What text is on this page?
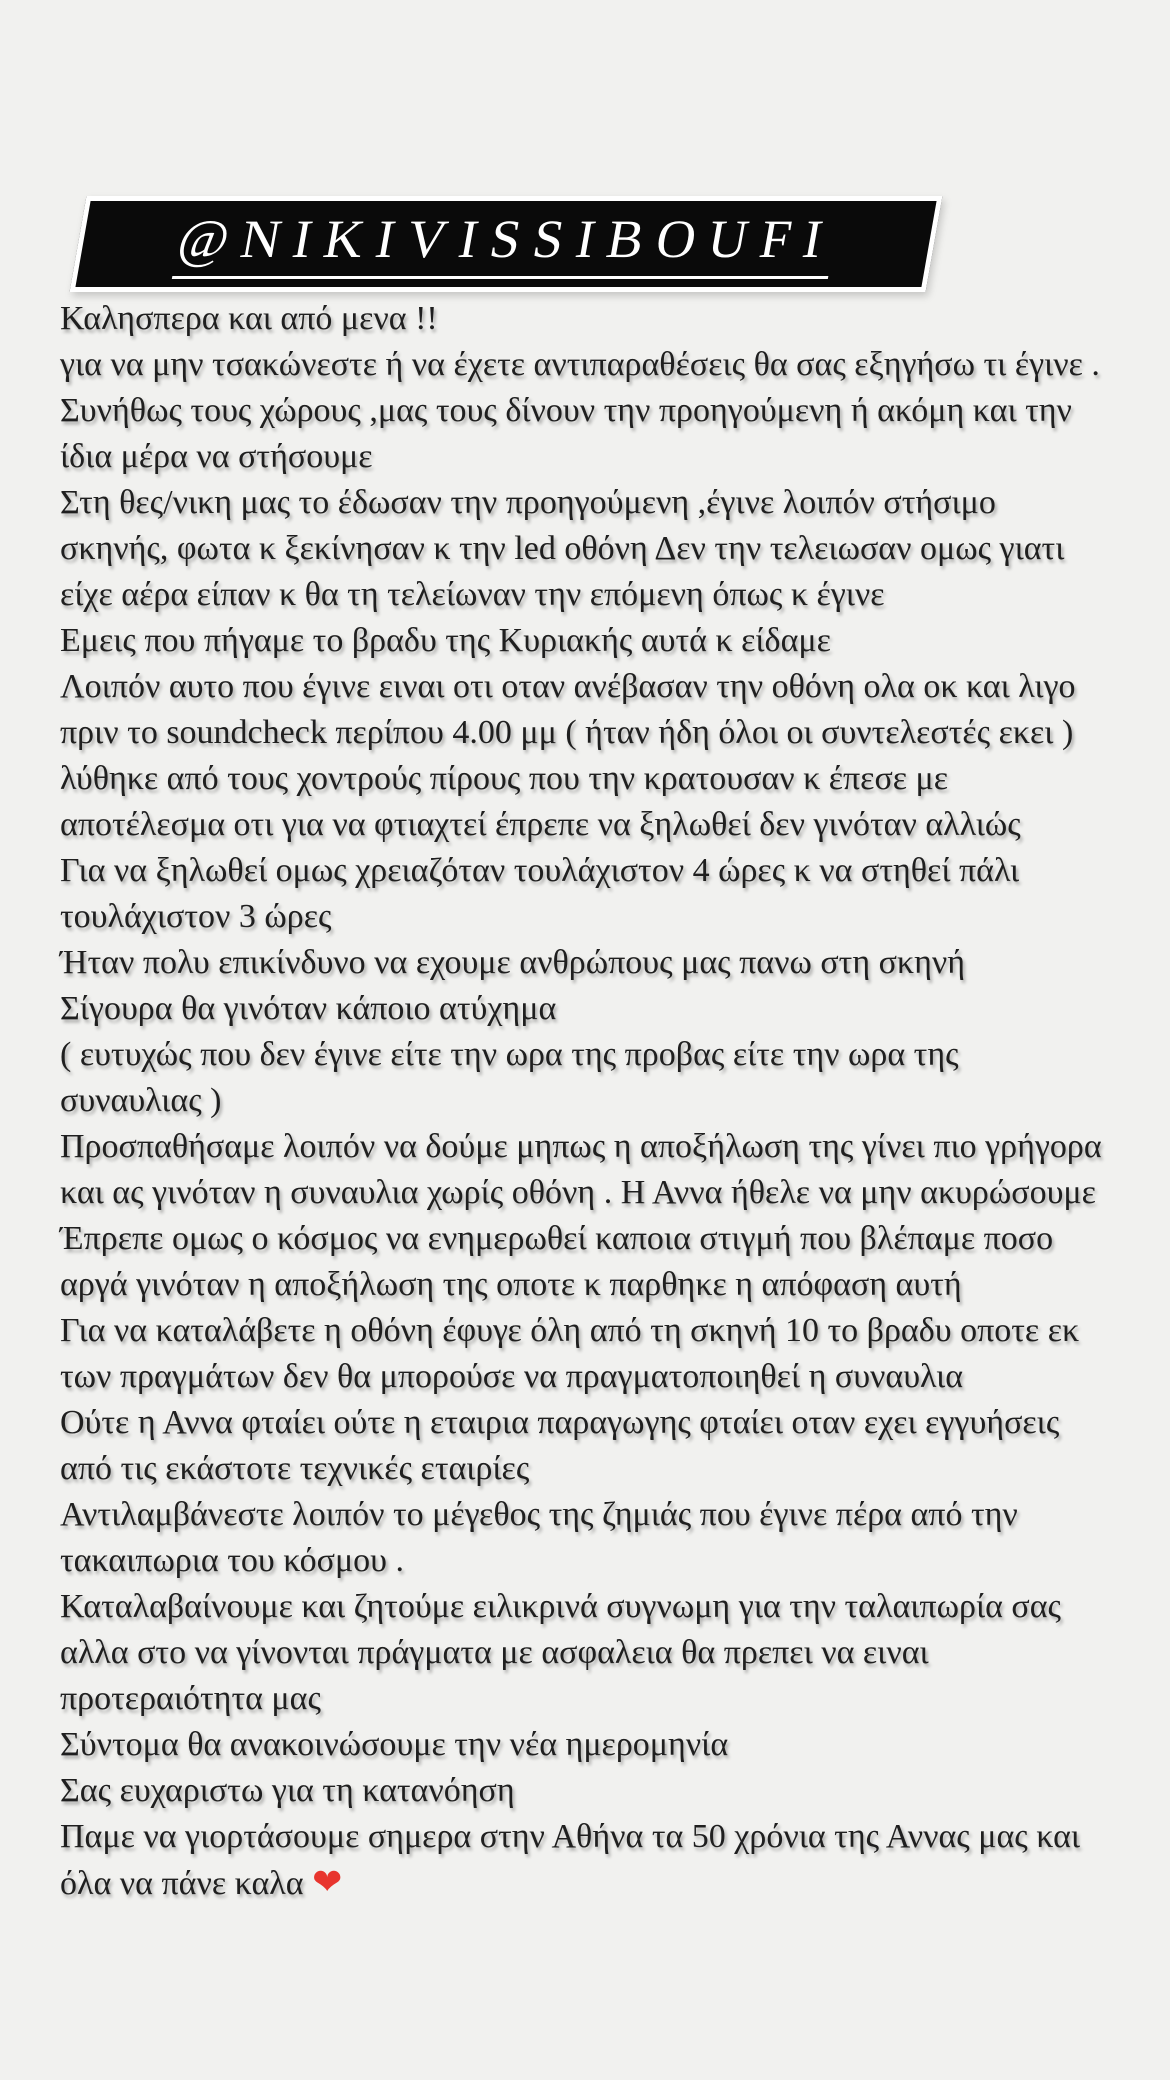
@NIKIVISSIBOUFI

Καλησπερα και από μενα !!

για να μην τσακώνεστε ή να έχετε αντιπαραθέσεις θα σας εξηγήσω τι έγινε .

Συνήθως τους χώρους ,μας τους δίνουν την προηγούμενη ή ακόμη και την ίδια μέρα να στήσουμε

Στη θες/νικη μας το έδωσαν την προηγούμενη ,έγινε λοιπόν στήσιμο σκηνής, φωτα κ ξεκίνησαν κ την led οθόνη Δεν την τελειωσαν ομως γιατι είχε αέρα είπαν κ θα τη τελείωναν την επόμενη όπως κ έγινε

Εμεις που πήγαμε το βραδυ της Κυριακής αυτά κ είδαμε

Λοιπόν αυτο που έγινε ειναι οτι οταν ανέβασαν την οθόνη ολα οκ και λιγο πριν το soundcheck περίπου 4.00 μμ ( ήταν ήδη όλοι οι συντελεστές εκει ) λύθηκε από τους χοντρούς πίρους που την κρατουσαν κ έπεσε με αποτέλεσμα οτι για να φτιαχτεί έπρεπε να ξηλωθεί δεν γινόταν αλλιώς

Για να ξηλωθεί ομως χρειαζόταν τουλάχιστον 4 ώρες κ να στηθεί πάλι τουλάχιστον 3 ώρες

Ήταν πολυ επικίνδυνο να εχουμε ανθρώπους μας πανω στη σκηνή

Σίγουρα θα γινόταν κάποιο ατύχημα

( ευτυχώς που δεν έγινε είτε την ωρα της προβας είτε την ωρα της συναυλιας )

Προσπαθήσαμε λοιπόν να δούμε μηπως η αποξήλωση της γίνει πιο γρήγορα και ας γινόταν η συναυλια χωρίς οθόνη . Η Αννα ήθελε να μην ακυρώσουμε

Έπρεπε ομως ο κόσμος να ενημερωθεί καποια στιγμή που βλέπαμε ποσο αργά γινόταν η αποξήλωση της οποτε κ παρθηκε η απόφαση αυτή

Για να καταλάβετε η οθόνη έφυγε όλη από τη σκηνή 10 το βραδυ οποτε εκ των πραγμάτων δεν θα μπορούσε να πραγματοποιηθεί η συναυλια

Ούτε η Αννα φταίει ούτε η εταιρια παραγωγης φταίει οταν εχει εγγυήσεις από τις εκάστοτε τεχνικές εταιρίες

Αντιλαμβάνεστε λοιπόν το μέγεθος της ζημιάς που έγινε πέρα από την τακαιπωρια του κόσμου .

Καταλαβαίνουμε και ζητούμε ειλικρινά συγνωμη για την ταλαιπωρία σας αλλα στο να γίνονται πράγματα με ασφαλεια θα πρεπει να ειναι προτεραιότητα μας

Σύντομα θα ανακοινώσουμε την νέα ημερομηνία

Σας ευχαριστω για τη κατανόηση

Παμε να γιορτάσουμε σημερα στην Αθήνα τα 50 χρόνια της Αννας μας και όλα να πάνε καλα ❤
